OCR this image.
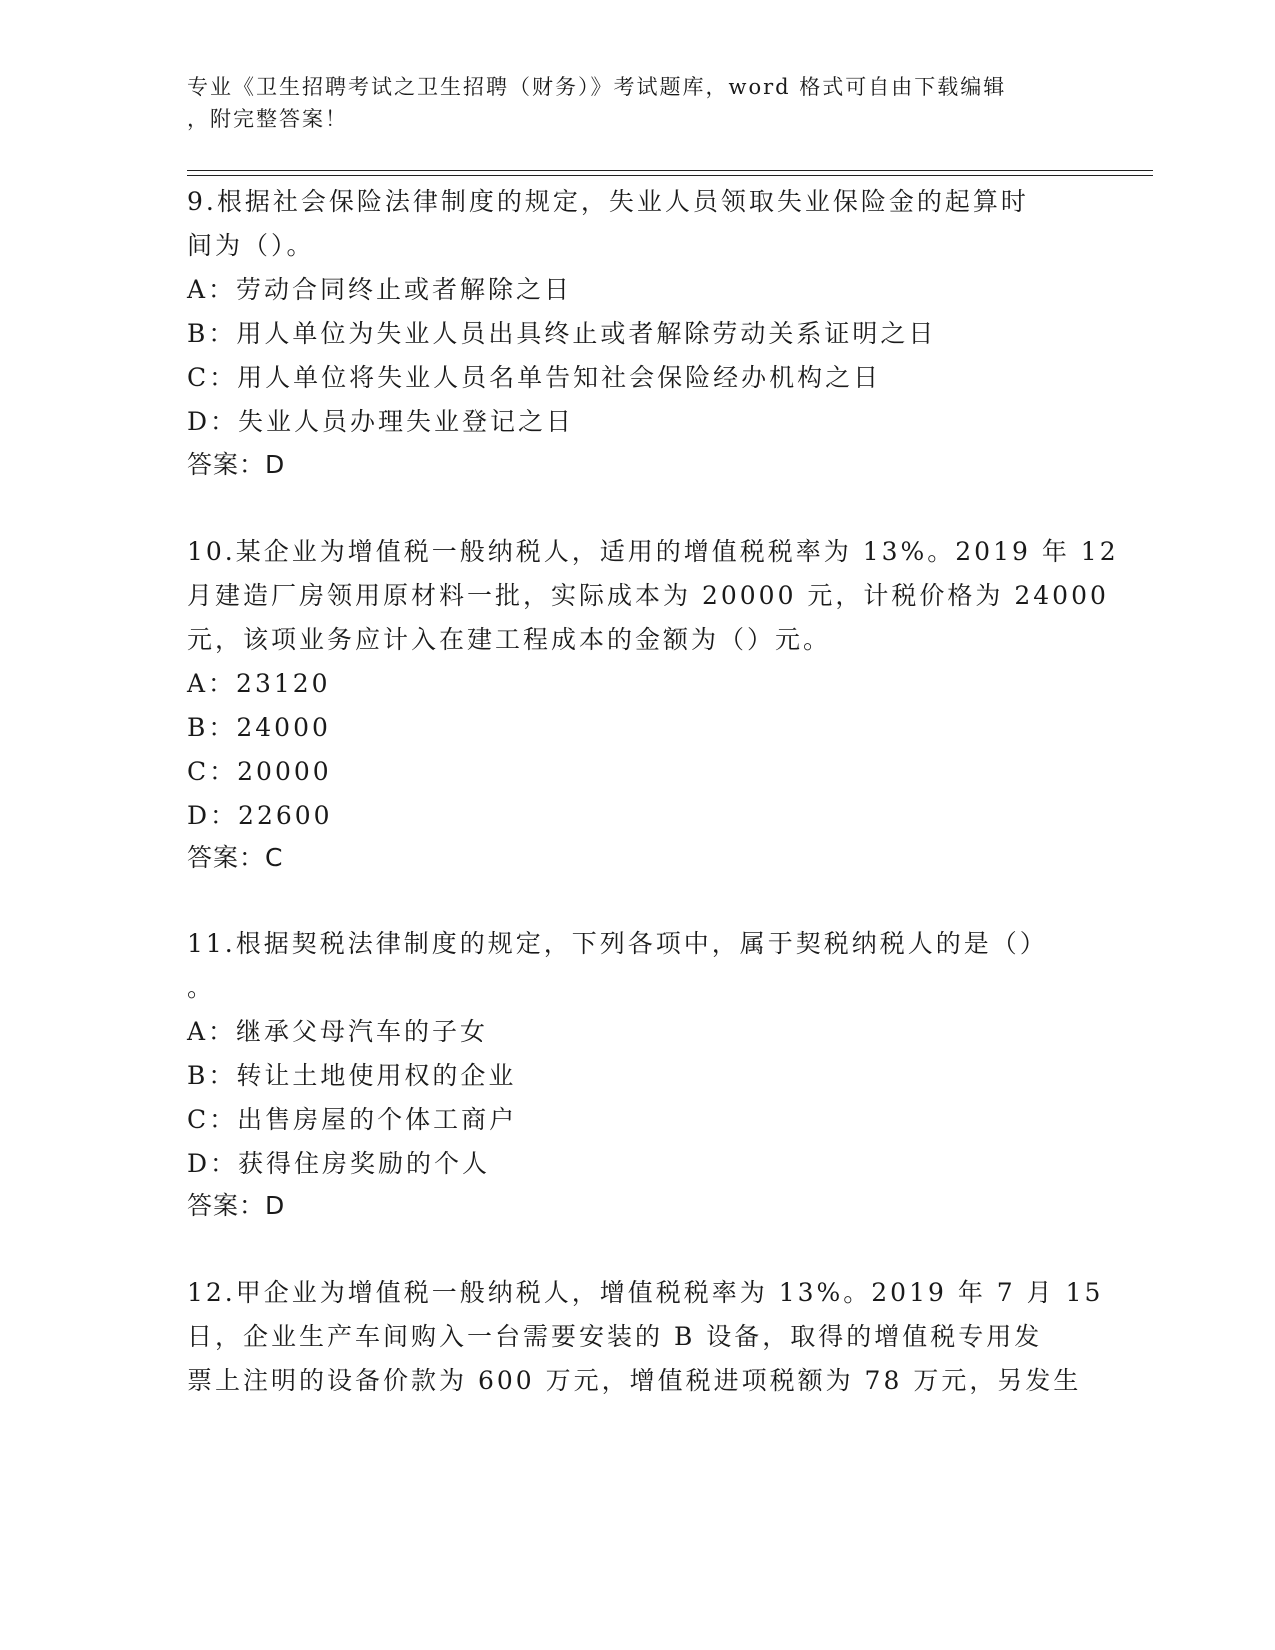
专业《卫生招聘考试之卫生招聘（财务）》考试题库，word 格式可自由下载编辑
，附完整答案！
9.根据社会保险法律制度的规定，失业人员领取失业保险金的起算时
间为（）。
A：劳动合同终止或者解除之日
B：用人单位为失业人员出具终止或者解除劳动关系证明之日
C：用人单位将失业人员名单告知社会保险经办机构之日
D：失业人员办理失业登记之日
答案：D
10.某企业为增值税一般纳税人，适用的增值税税率为 13%。2019 年 12
月建造厂房领用原材料一批，实际成本为 20000 元，计税价格为 24000
元，该项业务应计入在建工程成本的金额为（）元。
A：23120
B：24000
C：20000
D：22600
答案：C
11.根据契税法律制度的规定，下列各项中，属于契税纳税人的是（）
。
A：继承父母汽车的子女
B：转让土地使用权的企业
C：出售房屋的个体工商户
D：获得住房奖励的个人
答案：D
12.甲企业为增值税一般纳税人，增值税税率为 13%。2019 年 7 月 15
日，企业生产车间购入一台需要安装的 B 设备，取得的增值税专用发
票上注明的设备价款为 600 万元，增值税进项税额为 78 万元，另发生
